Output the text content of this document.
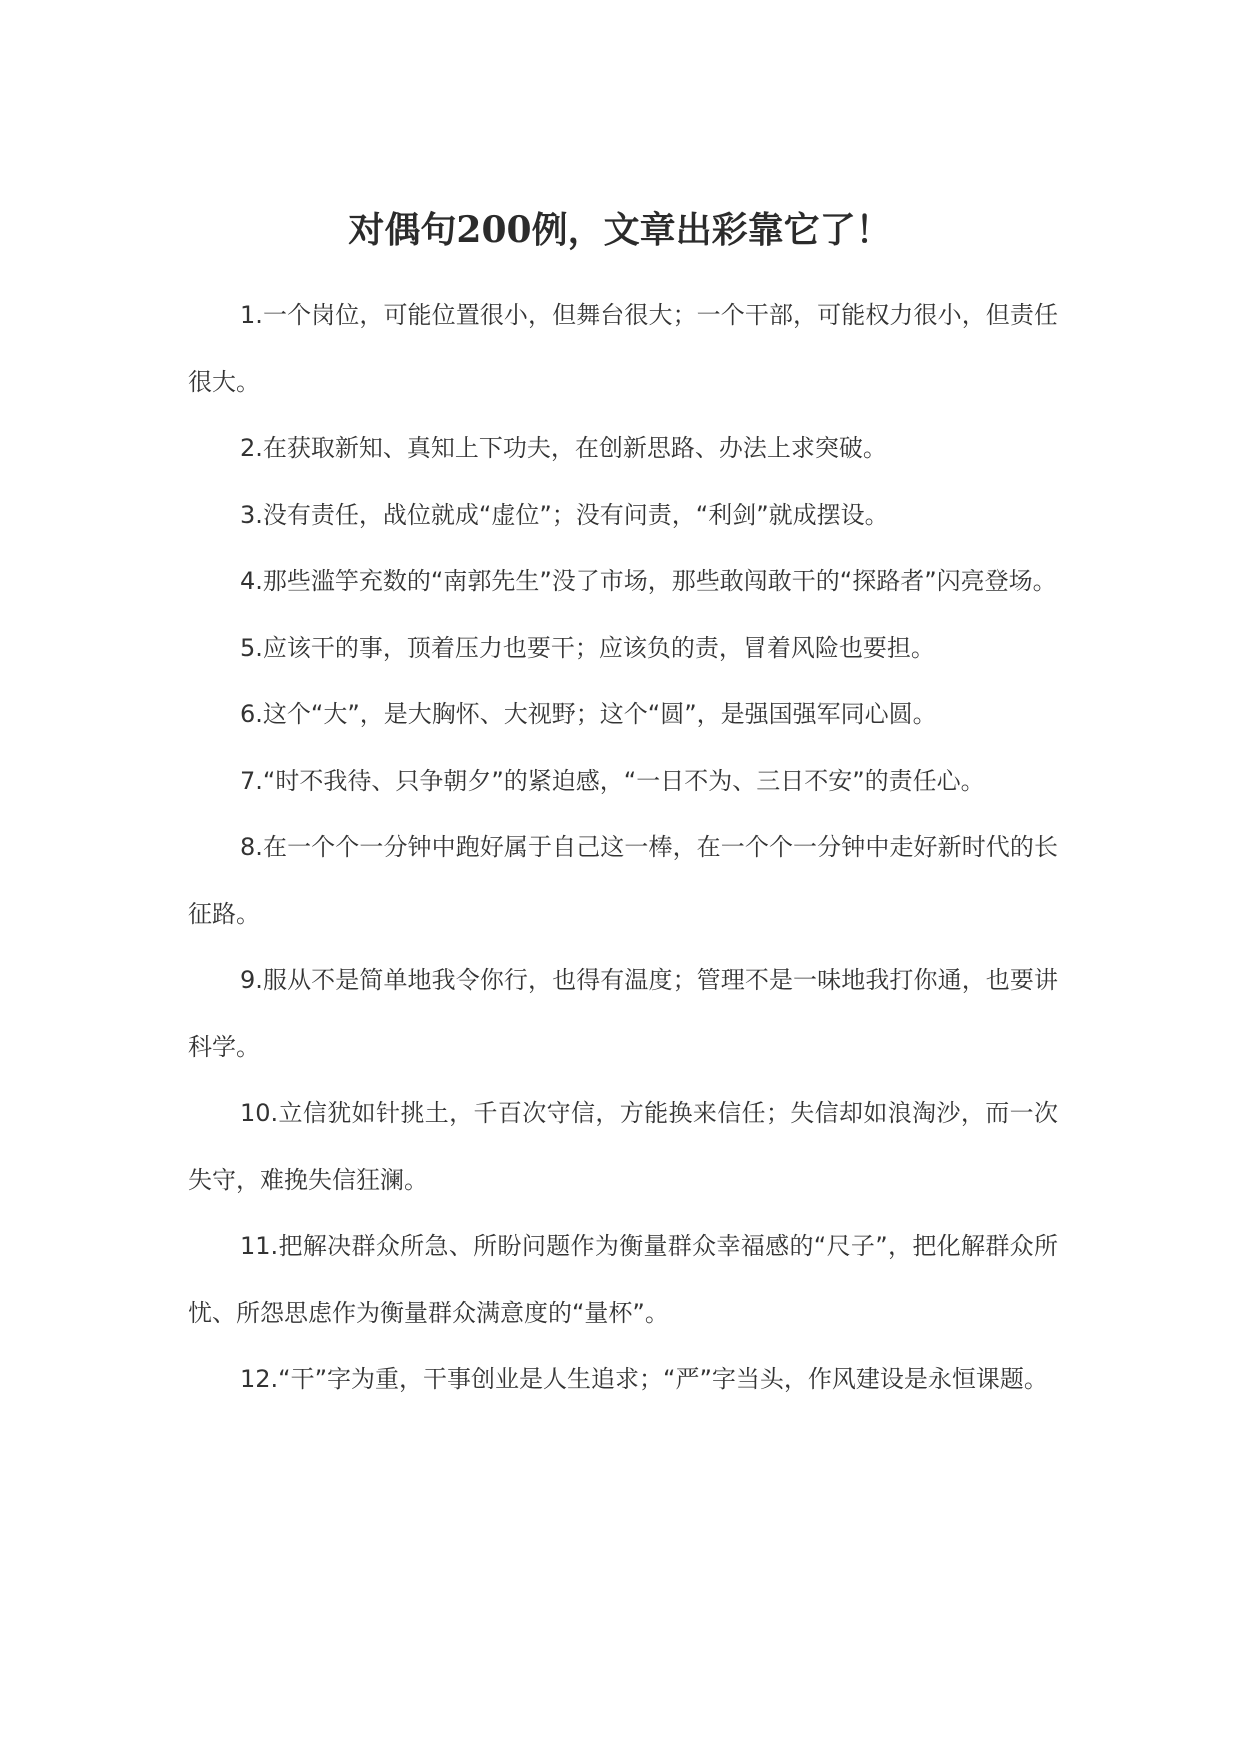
对偶句200例，文章出彩靠它了！

1.一个岗位，可能位置很小，但舞台很大；一个干部，可能权力很小，但责任很大。

2.在获取新知、真知上下功夫，在创新思路、办法上求突破。

3.没有责任，战位就成“虚位”；没有问责，“利剑”就成摆设。

4.那些滥竽充数的“南郭先生”没了市场，那些敢闯敢干的“探路者”闪亮登场。

5.应该干的事，顶着压力也要干；应该负的责，冒着风险也要担。

6.这个“大”，是大胸怀、大视野；这个“圆”，是强国强军同心圆。

7.“时不我待、只争朝夕”的紧迫感，“一日不为、三日不安”的责任心。

8.在一个个一分钟中跑好属于自己这一棒，在一个个一分钟中走好新时代的长征路。

9.服从不是简单地我令你行，也得有温度；管理不是一味地我打你通，也要讲科学。

10.立信犹如针挑土，千百次守信，方能换来信任；失信却如浪淘沙，而一次失守，难挽失信狂澜。

11.把解决群众所急、所盼问题作为衡量群众幸福感的“尺子”，把化解群众所忧、所怨思虑作为衡量群众满意度的“量杯”。

12.“干”字为重，干事创业是人生追求；“严”字当头，作风建设是永恒课题。
